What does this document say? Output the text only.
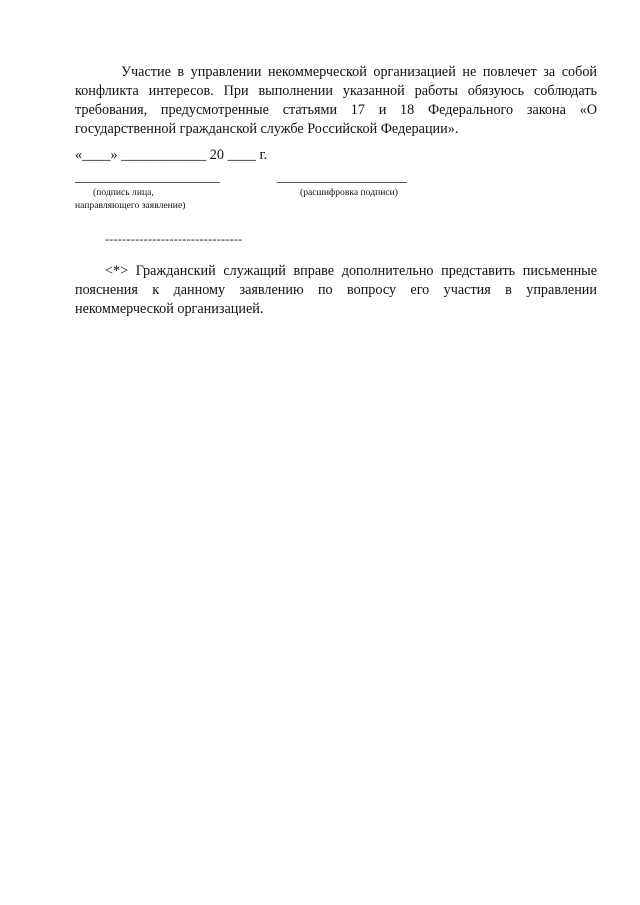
Участие в управлении некоммерческой организацией не повлечет за собой конфликта интересов. При выполнении указанной работы обязуюсь соблюдать требования, предусмотренные статьями 17 и 18 Федерального закона «О государственной гражданской службе Российской Федерации».

«____» ____________ 20 ____ г.
(подпись лица,
направляющего заявление)
(расшифровка подписи)
--------------------------------

<*> Гражданский служащий вправе дополнительно представить письменные пояснения к данному заявлению по вопросу его участия в управлении некоммерческой организацией.
